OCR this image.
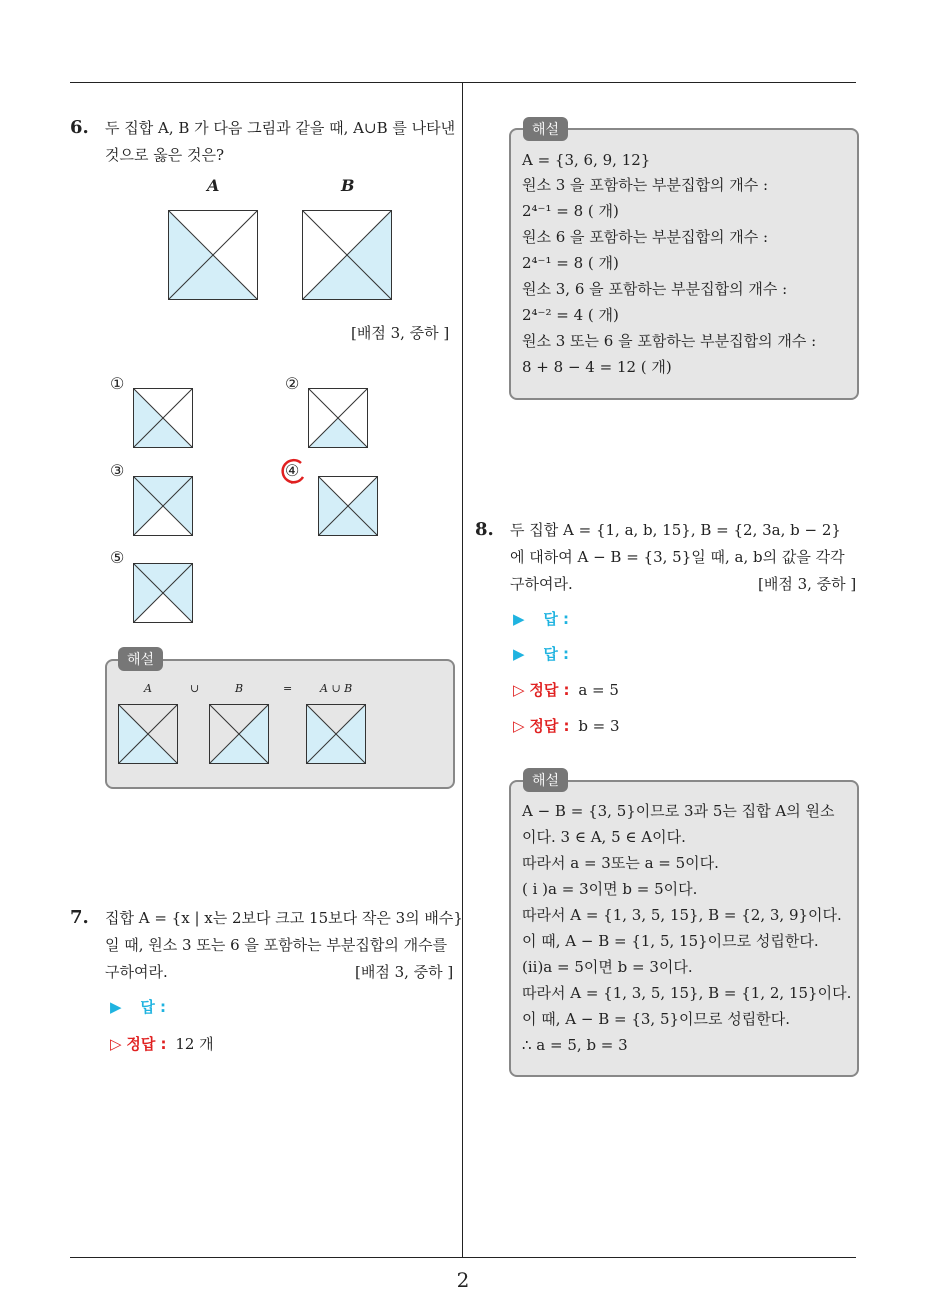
6. 두 집합 A, B 가 다음 그림과 같을 때, A∪B 를 나타낸
것으로 옳은 것은?
A	B
[배점 3, 중하 ]
①	②
③	④
⑤
해설
A	∪	B	=	A ∪ B
7. 집합 A = {x | x는 2보다 크고 15보다 작은 3의 배수}
일 때, 원소 3 또는 6 을 포함하는 부분집합의 개수를
구하여라.	[배점 3, 중하 ]
▶ 답 :
▷ 정답 : 12 개
해설
A = {3, 6, 9, 12}
원소 3 을 포함하는 부분집합의 개수 :
2⁴⁻¹ = 8 ( 개)
원소 6 을 포함하는 부분집합의 개수 :
2⁴⁻¹ = 8 ( 개)
원소 3, 6 을 포함하는 부분집합의 개수 :
2⁴⁻² = 4 ( 개)
원소 3 또는 6 을 포함하는 부분집합의 개수 :
8 + 8 − 4 = 12 ( 개)
8. 두 집합 A = {1, a, b, 15}, B = {2, 3a, b − 2}
에 대하여 A − B = {3, 5}일 때, a, b의 값을 각각
구하여라.	[배점 3, 중하 ]
▶ 답 :
▶ 답 :
▷ 정답 : a = 5
▷ 정답 : b = 3
해설
A − B = {3, 5}이므로 3과 5는 집합 A의 원소
이다. 3 ∈ A, 5 ∈ A이다.
따라서 a = 3또는 a = 5이다.
( i )a = 3이면 b = 5이다.
따라서 A = {1, 3, 5, 15}, B = {2, 3, 9}이다.
이 때, A − B = {1, 5, 15}이므로 성립한다.
(ii)a = 5이면 b = 3이다.
따라서 A = {1, 3, 5, 15}, B = {1, 2, 15}이다.
이 때, A − B = {3, 5}이므로 성립한다.
∴ a = 5, b = 3
2
